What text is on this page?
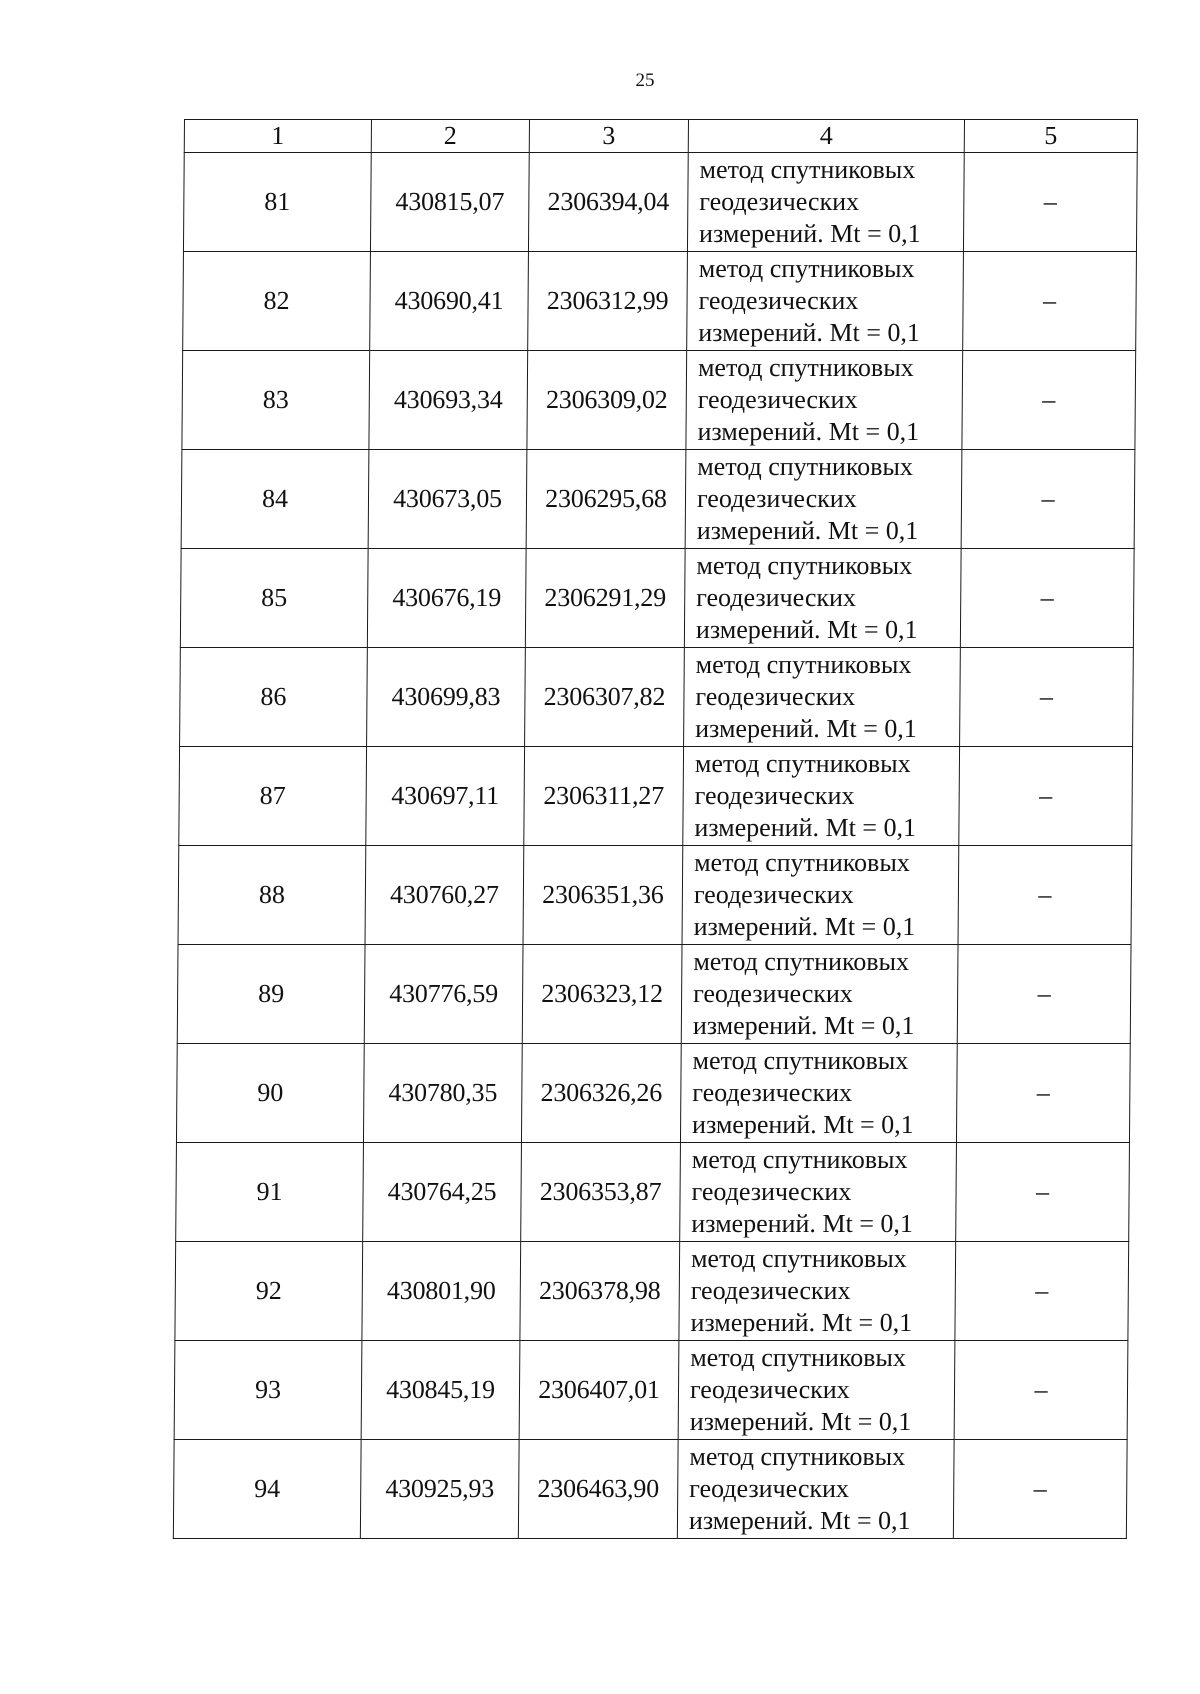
25
1	2	3	4	5
81	430815,07	2306394,04	метод спутниковых
геодезических
измерений. Mt = 0,1	–
82	430690,41	2306312,99	метод спутниковых
геодезических
измерений. Mt = 0,1	–
83	430693,34	2306309,02	метод спутниковых
геодезических
измерений. Mt = 0,1	–
84	430673,05	2306295,68	метод спутниковых
геодезических
измерений. Mt = 0,1	–
85	430676,19	2306291,29	метод спутниковых
геодезических
измерений. Mt = 0,1	–
86	430699,83	2306307,82	метод спутниковых
геодезических
измерений. Mt = 0,1	–
87	430697,11	2306311,27	метод спутниковых
геодезических
измерений. Mt = 0,1	–
88	430760,27	2306351,36	метод спутниковых
геодезических
измерений. Mt = 0,1	–
89	430776,59	2306323,12	метод спутниковых
геодезических
измерений. Mt = 0,1	–
90	430780,35	2306326,26	метод спутниковых
геодезических
измерений. Mt = 0,1	–
91	430764,25	2306353,87	метод спутниковых
геодезических
измерений. Mt = 0,1	–
92	430801,90	2306378,98	метод спутниковых
геодезических
измерений. Mt = 0,1	–
93	430845,19	2306407,01	метод спутниковых
геодезических
измерений. Mt = 0,1	–
94	430925,93	2306463,90	метод спутниковых
геодезических
измерений. Mt = 0,1	–
